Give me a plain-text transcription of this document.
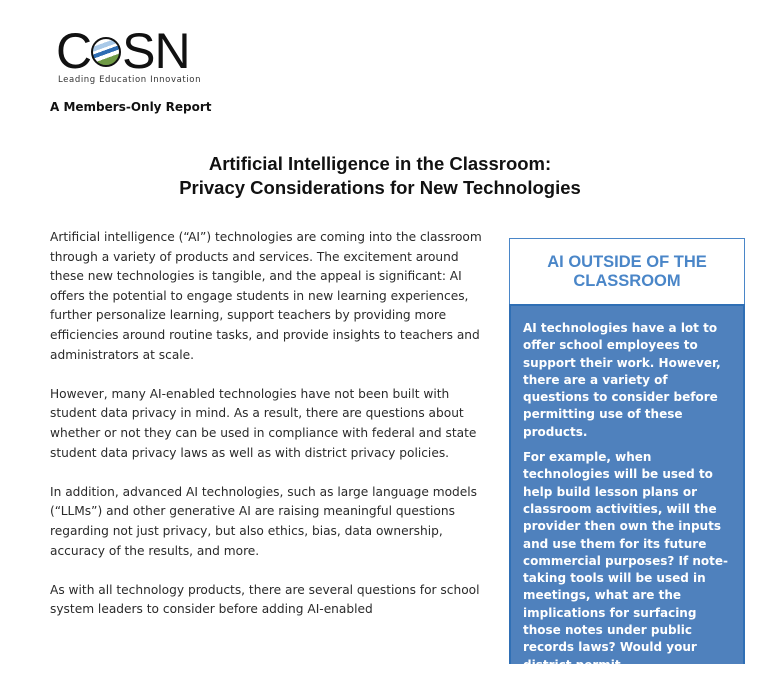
C SN
Leading Education Innovation
A Members-Only Report
Artificial Intelligence in the Classroom:
Privacy Considerations for New Technologies

Artificial intelligence (“AI”) technologies are coming into the classroom through a variety of products and services. The excitement around these new technologies is tangible, and the appeal is significant: AI offers the potential to engage students in new learning experiences, further personalize learning, support teachers by providing more efficiencies around routine tasks, and provide insights to teachers and administrators at scale.

However, many AI-enabled technologies have not been built with student data privacy in mind. As a result, there are questions about whether or not they can be used in compliance with federal and state student data privacy laws as well as with district privacy policies.

In addition, advanced AI technologies, such as large language models (“LLMs”) and other generative AI are raising meaningful questions regarding not just privacy, but also ethics, bias, data ownership, accuracy of the results, and more.

As with all technology products, there are several questions for school system leaders to consider before adding AI-enabled

AI OUTSIDE OF THE CLASSROOM

AI technologies have a lot to offer school employees to support their work. However, there are a variety of questions to consider before permitting use of these products.

For example, when technologies will be used to help build lesson plans or classroom activities, will the provider then own the inputs and use them for its future commercial purposes? If note-taking tools will be used in meetings, what are the implications for surfacing those notes under public records laws? Would your district permit
